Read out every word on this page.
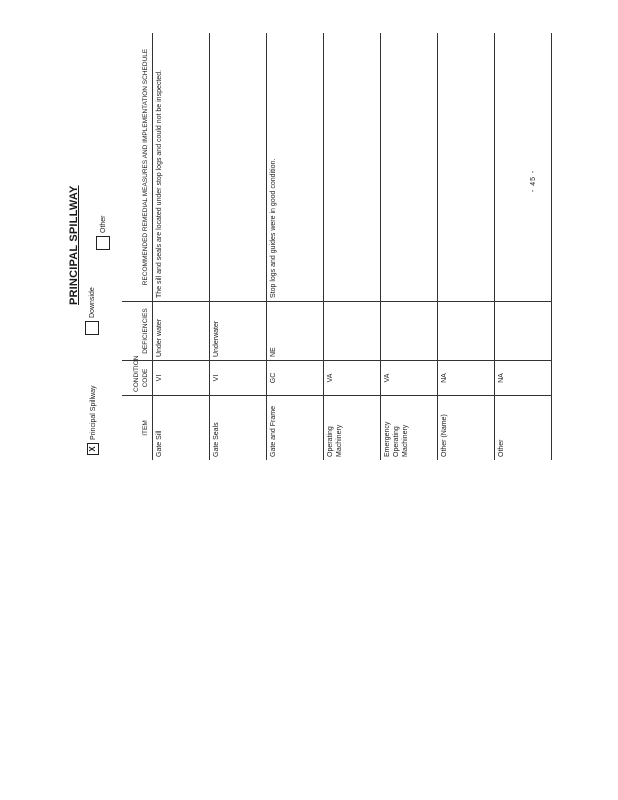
PRINCIPAL SPILLWAY
X
Principal Spillway
Downside
Other
ITEM	CONDITION CODE	DEFICIENCIES	RECOMMENDED REMEDIAL MEASURES AND IMPLEMENTATION SCHEDULE
Gate Sill	VI	Under water	The sill and seals are located under stop logs and could not be inspected.
Gate Seals	VI	Underwater	
Gate and Frame	GC	NE	Stop logs and guides were in good condition.
Operating Machinery	VA		
Emergency Operating Machinery	VA		
Other (Name)	NA		
Other	NA		
- 45 -
